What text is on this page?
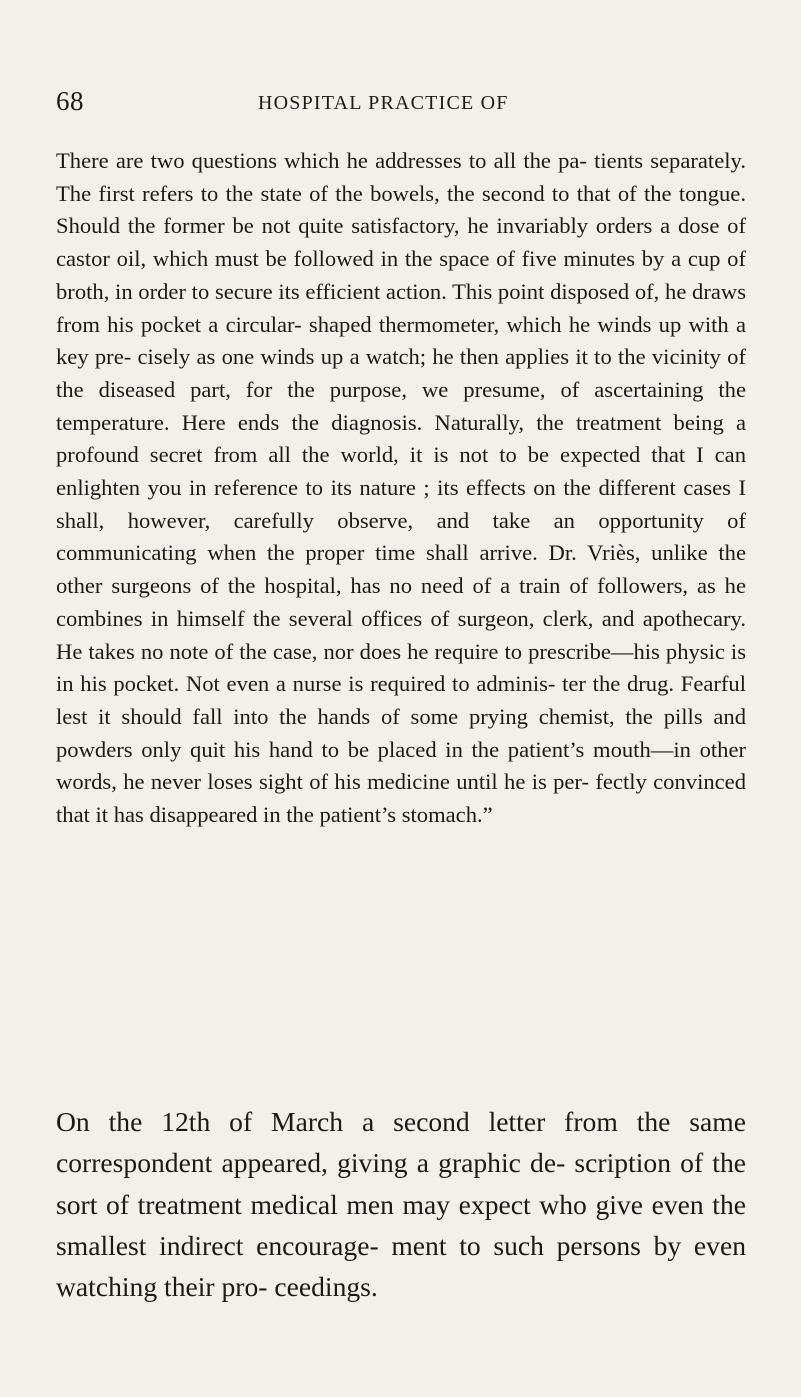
68	HOSPITAL PRACTICE OF

There are two questions which he addresses to all the pa- tients separately. The first refers to the state of the bowels, the second to that of the tongue. Should the former be not quite satisfactory, he invariably orders a dose of castor oil, which must be followed in the space of five minutes by a cup of broth, in order to secure its efficient action. This point disposed of, he draws from his pocket a circular- shaped thermometer, which he winds up with a key pre- cisely as one winds up a watch; he then applies it to the vicinity of the diseased part, for the purpose, we presume, of ascertaining the temperature. Here ends the diagnosis. Naturally, the treatment being a profound secret from all the world, it is not to be expected that I can enlighten you in reference to its nature ; its effects on the different cases I shall, however, carefully observe, and take an opportunity of communicating when the proper time shall arrive. Dr. Vriès, unlike the other surgeons of the hospital, has no need of a train of followers, as he combines in himself the several offices of surgeon, clerk, and apothecary. He takes no note of the case, nor does he require to prescribe—his physic is in his pocket. Not even a nurse is required to adminis- ter the drug. Fearful lest it should fall into the hands of some prying chemist, the pills and powders only quit his hand to be placed in the patient’s mouth—in other words, he never loses sight of his medicine until he is per- fectly convinced that it has disappeared in the patient’s stomach.”

On the 12th of March a second letter from the same correspondent appeared, giving a graphic de- scription of the sort of treatment medical men may expect who give even the smallest indirect encourage- ment to such persons by even watching their pro- ceedings.
